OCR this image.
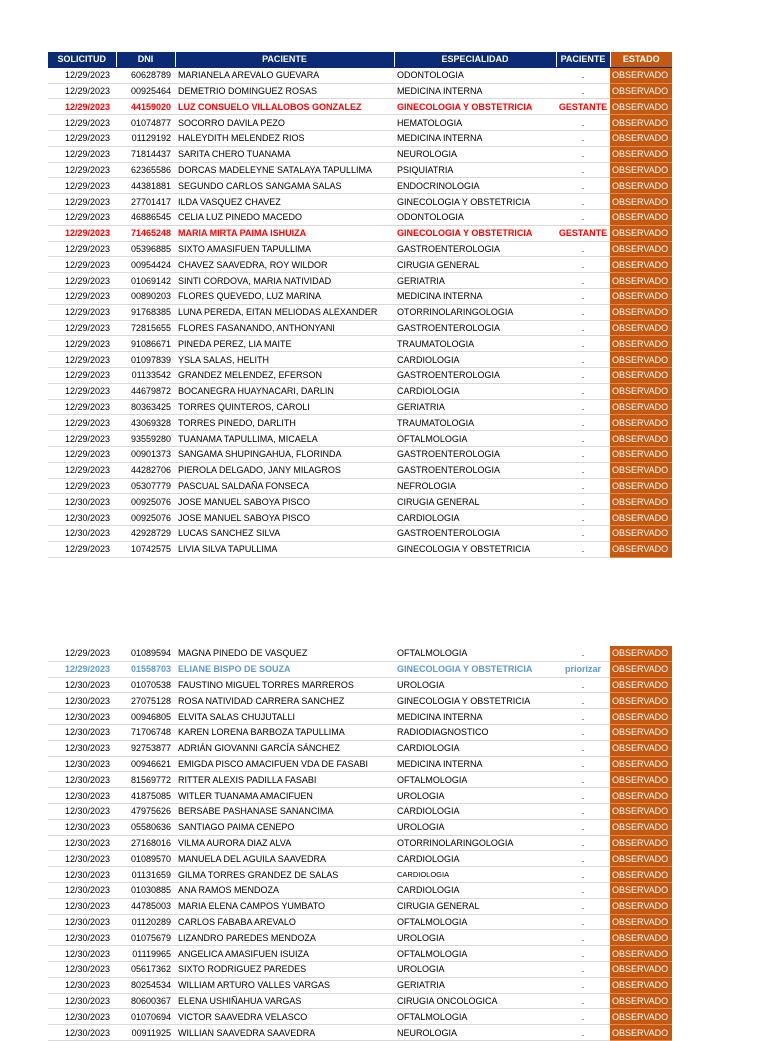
SOLICITUD	DNI	PACIENTE	ESPECIALIDAD	PACIENTE	ESTADO
12/29/2023	60628789	MARIANELA AREVALO GUEVARA	ODONTOLOGIA	.	OBSERVADO
12/29/2023	00925464	DEMETRIO DOMINGUEZ ROSAS	MEDICINA INTERNA	.	OBSERVADO
12/29/2023	44159020	LUZ CONSUELO VILLALOBOS GONZALEZ	GINECOLOGIA Y OBSTETRICIA	GESTANTE	OBSERVADO
12/29/2023	01074877	SOCORRO DAVILA PEZO	HEMATOLOGIA	.	OBSERVADO
12/29/2023	01129192	HALEYDITH MELENDEZ RIOS	MEDICINA INTERNA	.	OBSERVADO
12/29/2023	71814437	SARITA CHERO TUANAMA	NEUROLOGIA	.	OBSERVADO
12/29/2023	62365586	DORCAS MADELEYNE SATALAYA TAPULLIMA	PSIQUIATRIA	.	OBSERVADO
12/29/2023	44381881	SEGUNDO CARLOS SANGAMA SALAS	ENDOCRINOLOGIA	.	OBSERVADO
12/29/2023	27701417	ILDA VASQUEZ CHAVEZ	GINECOLOGIA Y OBSTETRICIA	.	OBSERVADO
12/29/2023	46886545	CELIA LUZ PINEDO MACEDO	ODONTOLOGIA	.	OBSERVADO
12/29/2023	71465248	MARIA MIRTA PAIMA ISHUIZA	GINECOLOGIA Y OBSTETRICIA	GESTANTE	OBSERVADO
12/29/2023	05396885	SIXTO AMASIFUEN TAPULLIMA	GASTROENTEROLOGIA	.	OBSERVADO
12/29/2023	00954424	CHAVEZ SAAVEDRA, ROY WILDOR	CIRUGIA GENERAL	.	OBSERVADO
12/29/2023	01069142	SINTI CORDOVA, MARIA NATIVIDAD	GERIATRIA	.	OBSERVADO
12/29/2023	00890203	FLORES QUEVEDO, LUZ MARINA	MEDICINA INTERNA	.	OBSERVADO
12/29/2023	91768385	LUNA PEREDA, EITAN MELIODAS ALEXANDER	OTORRINOLARINGOLOGIA	.	OBSERVADO
12/29/2023	72815655	FLORES FASANANDO, ANTHONYANI	GASTROENTEROLOGIA	.	OBSERVADO
12/29/2023	91086671	PINEDA PEREZ, LIA MAITE	TRAUMATOLOGIA	.	OBSERVADO
12/29/2023	01097839	YSLA SALAS, HELITH	CARDIOLOGIA	.	OBSERVADO
12/29/2023	01133542	GRANDEZ MELENDEZ, EFERSON	GASTROENTEROLOGIA	.	OBSERVADO
12/29/2023	44679872	BOCANEGRA HUAYNACARI, DARLIN	CARDIOLOGIA	.	OBSERVADO
12/29/2023	80363425	TORRES QUINTEROS, CAROLI	GERIATRIA	.	OBSERVADO
12/29/2023	43069328	TORRES PINEDO, DARLITH	TRAUMATOLOGIA	.	OBSERVADO
12/29/2023	93559280	TUANAMA TAPULLIMA, MICAELA	OFTALMOLOGIA	.	OBSERVADO
12/29/2023	00901373	SANGAMA SHUPINGAHUA, FLORINDA	GASTROENTEROLOGIA	.	OBSERVADO
12/29/2023	44282706	PIEROLA DELGADO, JANY MILAGROS	GASTROENTEROLOGIA	.	OBSERVADO
12/29/2023	05307779	PASCUAL SALDAÑA FONSECA	NEFROLOGIA	.	OBSERVADO
12/30/2023	00925076	JOSE MANUEL SABOYA PISCO	CIRUGIA GENERAL	.	OBSERVADO
12/30/2023	00925076	JOSE MANUEL SABOYA PISCO	CARDIOLOGIA	.	OBSERVADO
12/30/2023	42928729	LUCAS SANCHEZ SILVA	GASTROENTEROLOGIA	.	OBSERVADO
12/29/2023	10742575	LIVIA SILVA TAPULLIMA	GINECOLOGIA Y OBSTETRICIA	.	OBSERVADO
12/29/2023	01089594	MAGNA PINEDO DE VASQUEZ	OFTALMOLOGIA	.	OBSERVADO
12/29/2023	01558703	ELIANE BISPO DE SOUZA	GINECOLOGIA Y OBSTETRICIA	priorizar	OBSERVADO
12/30/2023	01070538	FAUSTINO MIGUEL TORRES MARREROS	UROLOGIA	.	OBSERVADO
12/30/2023	27075128	ROSA NATIVIDAD CARRERA SANCHEZ	GINECOLOGIA Y OBSTETRICIA	.	OBSERVADO
12/30/2023	00946805	ELVITA SALAS CHUJUTALLI	MEDICINA INTERNA	.	OBSERVADO
12/30/2023	71706748	KAREN LORENA BARBOZA TAPULLIMA	RADIODIAGNOSTICO	.	OBSERVADO
12/30/2023	92753877	ADRIÁN GIOVANNI GARCÍA SÁNCHEZ	CARDIOLOGIA	.	OBSERVADO
12/30/2023	00946621	EMIGDA PISCO AMACIFUEN VDA DE FASABI	MEDICINA INTERNA	.	OBSERVADO
12/30/2023	81569772	RITTER ALEXIS PADILLA FASABI	OFTALMOLOGIA	.	OBSERVADO
12/30/2023	41875085	WITLER TUANAMA AMACIFUEN	UROLOGIA	.	OBSERVADO
12/30/2023	47975626	BERSABE PASHANASE SANANCIMA	CARDIOLOGIA	.	OBSERVADO
12/30/2023	05580636	SANTIAGO PAIMA CENEPO	UROLOGIA	.	OBSERVADO
12/30/2023	27168016	VILMA AURORA DIAZ ALVA	OTORRINOLARINGOLOGIA	.	OBSERVADO
12/30/2023	01089570	MANUELA DEL AGUILA SAAVEDRA	CARDIOLOGIA	.	OBSERVADO
12/30/2023	01131659	GILMA TORRES GRANDEZ DE SALAS	CARDIOLOGIA	.	OBSERVADO
12/30/2023	01030885	ANA RAMOS MENDOZA	CARDIOLOGIA	.	OBSERVADO
12/30/2023	44785003	MARIA ELENA CAMPOS YUMBATO	CIRUGIA GENERAL	.	OBSERVADO
12/30/2023	01120289	CARLOS FABABA AREVALO	OFTALMOLOGIA	.	OBSERVADO
12/30/2023	01075679	LIZANDRO PAREDES MENDOZA	UROLOGIA	.	OBSERVADO
12/30/2023	01119965	ANGELICA AMASIFUEN ISUIZA	OFTALMOLOGIA	.	OBSERVADO
12/30/2023	05617362	SIXTO RODRIGUEZ PAREDES	UROLOGIA	.	OBSERVADO
12/30/2023	80254534	WILLIAM ARTURO VALLES VARGAS	GERIATRIA	.	OBSERVADO
12/30/2023	80600367	ELENA USHIÑAHUA VARGAS	CIRUGIA ONCOLOGICA	.	OBSERVADO
12/30/2023	01070694	VICTOR SAAVEDRA VELASCO	OFTALMOLOGIA	.	OBSERVADO
12/30/2023	00911925	WILLIAN SAAVEDRA SAAVEDRA	NEUROLOGIA	.	OBSERVADO
